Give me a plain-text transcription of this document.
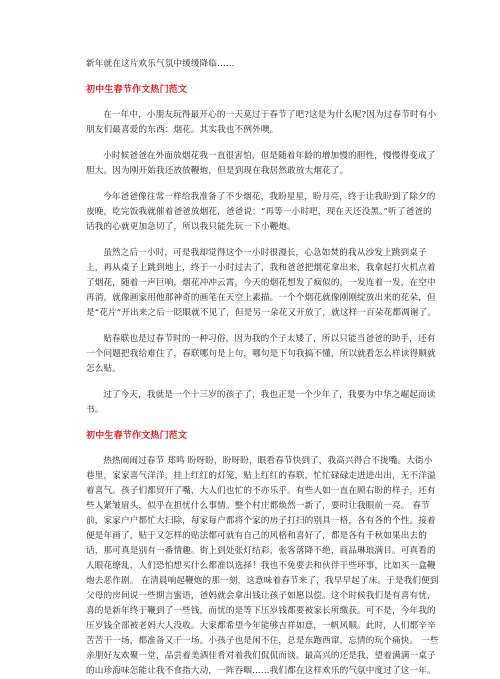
新年就在这片欢乐气氛中缓缓降临……

初中生春节作文热门范文

在一年中，小朋友玩得最开心的一天莫过于春节了吧?这是为什么呢?因为过春节时有小朋友们最喜爱的东西：烟花。其实我也不例外噢。

小时候爸爸在外面放烟花我一直很害怕，但是随着年龄的增加慢的胆性，慢慢得变成了胆大。因为刚开始我还放放鞭炮，但是到现在我居然敢放大烟花了。

今年爸爸像往常一样给我准备了不少烟花，我盼星星，盼月亮，终于让我盼到了除夕的夜晚，吃完饭我就催着爸爸放烟花，爸爸说：“再等一小时吧，现在天还没黑。”听了爸爸的话我的心就更加急切了，所以我只能先玩一下小鞭炮。

虽然之后一小时，可是我却觉得这个一小时很漫长，心急如焚的我从沙发上跳到桌子上，再从桌子上跳到地上，终于一小时过去了，我和爸爸把烟花拿出来，我拿起打火机点着了烟花，随着一声巨响，烟花冲冲云霄，今天的烟花想发了疯似的，一发连着一发，在空中再消，就像画家用他那神奇的画笔在天空上素描。一个个烟花就像刚刚绽放出来的花朵，但是“花片”开出来之后一眨眼就不见了，但是另一朵花又开放了，就这样一百朵花都凋谢了。

贴春联也是过春节时的一种习俗，因为我的个子太矮了，所以只能当爸爸的助手，还有一个问题把我给难住了，春联哪句是上句，哪句是下句我搞不懂，所以就看怎么样读得顺就怎么贴。

过了今天，我就是一个十三岁的孩子了，我也正是一个少年了，我要为中华之崛起而读书。

初中生春节作文热门范文

热热闹闹过春节 郑鸣 盼呀盼，盼呀盼，眼看春节快到了，我高兴得合不拢嘴。大街小巷里，家家喜气洋洋，挂上红红的灯笼，贴上红红的春联，忙忙碌碌走进进出出，无不洋溢着喜气。孩子们都贸开了嘴，大人们也忙的不亦乐乎。有些人如一直在顾右盼的样子，还有些人紧皱眉头，似乎在担忧什么事情。整个村庄都焕然一新了，要时让我眼前一亮。 春节前，家家户户都忙大扫除，每家每户都将个家的房子打扫的别具一格，各有各的个性。接着便是年画了，贴于又怎样的贴法都可就有自己的风格和喜好了，都是各有千秋如果出去的话，那可真是别有一番情趣。街上到处张灯结彩，张客落降不绝，商品琳琅满目。可真看的人眼花缭乱，人们恐怕想买什么都准以选择！我也不免要去和伙伴干些坏事，比如买一盒鞭炮去恶作剧。 在清晨响起鞭炮的那一刻，这意味着春节来了，我早早起了床。于是我们便到父母的房间说一些期言蜜语，爸妈就会拿出钱让孩子如愿以偿。这个时候我们是有喜有忧，喜的是新年终于鞭到了一些钱，而忧的是等下压岁钱都要被家长所缴获。可不是，今年我的压岁钱全部被老妈大人没收。大家都希望今年能够吉祥如意，一帆风顺。此时，人们都辛辛苦苦干一场，都准备又干一场。小孩子也是闲不住，总是东跑西窜，忘情的玩个痛快。 一些亲朋好友欢聚一堂，品尝着美酒佳肴对着我们侃侃而谈。最高兴的还是我，望着满满一桌子的山珍海味怎能让我不食指大动，一阵吞咽……我们都在这样欢乐的气氛中度过了这一年。
